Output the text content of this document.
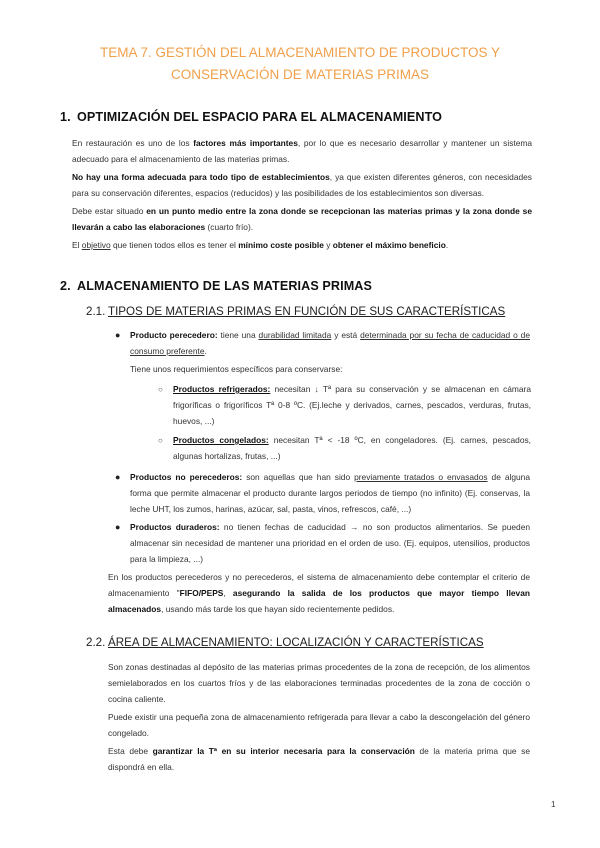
TEMA 7. GESTIÓN DEL ALMACENAMIENTO DE PRODUCTOS Y
CONSERVACIÓN DE MATERIAS PRIMAS
1. OPTIMIZACIÓN DEL ESPACIO PARA EL ALMACENAMIENTO
En restauración es uno de los factores más importantes, por lo que es necesario desarrollar y mantener un sistema adecuado para el almacenamiento de las materias primas.
No hay una forma adecuada para todo tipo de establecimientos, ya que existen diferentes géneros, con necesidades para su conservación diferentes, espacios (reducidos) y las posibilidades de los establecimientos son diversas.
Debe estar situado en un punto medio entre la zona donde se recepcionan las materias primas y la zona donde se llevarán a cabo las elaboraciones (cuarto frío).
El objetivo que tienen todos ellos es tener el mínimo coste posible y obtener el máximo beneficio.
2. ALMACENAMIENTO DE LAS MATERIAS PRIMAS
2.1. TIPOS DE MATERIAS PRIMAS EN FUNCIÓN DE SUS CARACTERÍSTICAS
● Producto perecedero: tiene una durabilidad limitada y está determinada por su fecha de caducidad o de consumo preferente.
Tiene unos requerimientos específicos para conservarse:
○ Productos refrigerados: necesitan ↓ Tª para su conservación y se almacenan en cámara frigoríficas o frigoríficos Tª 0-8 ºC. (Ej.leche y derivados, carnes, pescados, verduras, frutas, huevos, ...)
○ Productos congelados: necesitan Tª < -18 ºC, en congeladores. (Ej. carnes, pescados, algunas hortalizas, frutas, ...)
● Productos no perecederos: son aquellas que han sido previamente tratados o envasados de alguna forma que permite almacenar el producto durante largos periodos de tiempo (no infinito) (Ej. conservas, la leche UHT, los zumos, harinas, azúcar, sal, pasta, vinos, refrescos, café, ...)
● Productos duraderos: no tienen fechas de caducidad → no son productos alimentarios. Se pueden almacenar sin necesidad de mantener una prioridad en el orden de uso. (Ej. equipos, utensilios, productos para la limpieza, ...)
En los productos perecederos y no perecederos, el sistema de almacenamiento debe contemplar el criterio de almacenamiento "FIFO/PEPS, asegurando la salida de los productos que mayor tiempo llevan almacenados, usando más tarde los que hayan sido recientemente pedidos.
2.2. ÁREA DE ALMACENAMIENTO: LOCALIZACIÓN Y CARACTERÍSTICAS
Son zonas destinadas al depósito de las materias primas procedentes de la zona de recepción, de los alimentos semielaborados en los cuartos fríos y de las elaboraciones terminadas procedentes de la zona de cocción o cocina caliente.
Puede existir una pequeña zona de almacenamiento refrigerada para llevar a cabo la descongelación del género congelado.
Esta debe garantizar la Tª en su interior necesaria para la conservación de la materia prima que se dispondrá en ella.
1
